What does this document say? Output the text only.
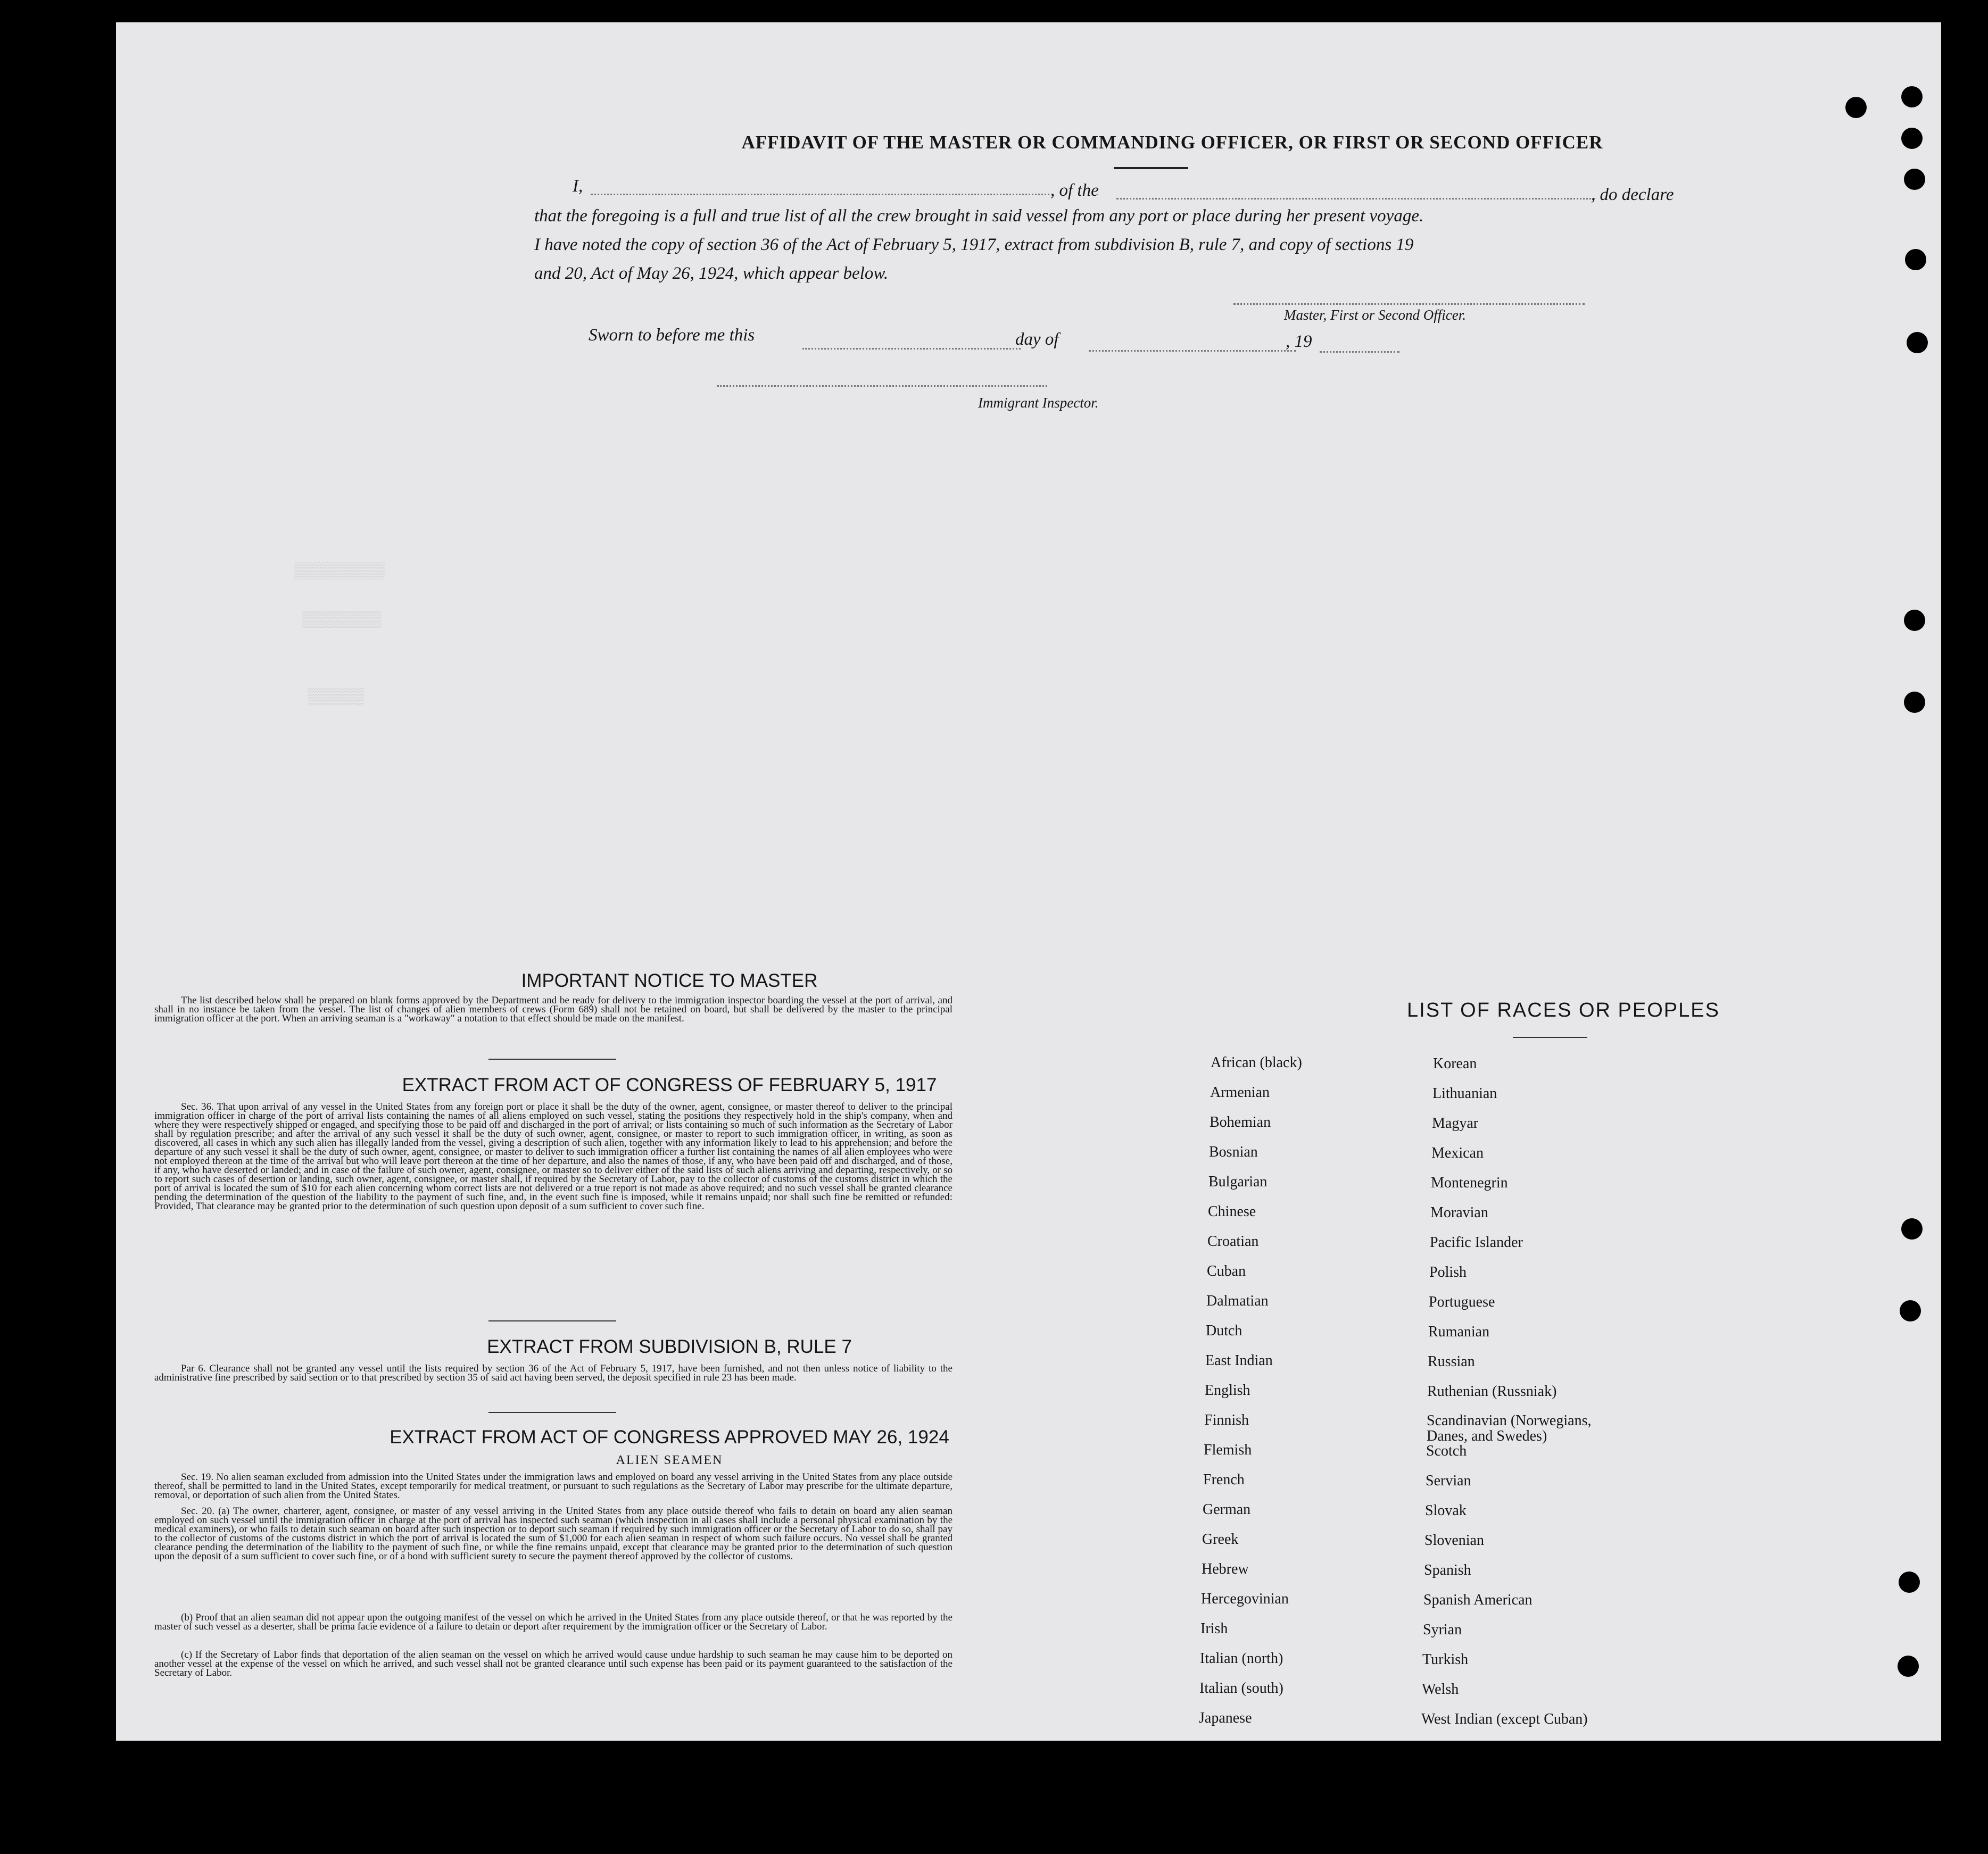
AFFIDAVIT OF THE MASTER OR COMMANDING OFFICER, OR FIRST OR SECOND OFFICER
I,	, of the	, do declare
that the foregoing is a full and true list of all the crew brought in said vessel from any port or place during her present voyage.
I have noted the copy of section 36 of the Act of February 5, 1917, extract from subdivision B, rule 7, and copy of sections 19
and 20, Act of May 26, 1924, which appear below.
Master, First or Second Officer.
Sworn to before me this	day of	, 19
Immigrant Inspector.
▒▒▒▒▒▒▒▒
▒▒▒▒▒▒▒
▒▒▒▒▒
IMPORTANT NOTICE TO MASTER
The list described below shall be prepared on blank forms approved by the Department and be ready for delivery to the immigration inspector boarding the vessel at the port of arrival, and shall in no instance be taken from the vessel. The list of changes of alien members of crews (Form 689) shall not be retained on board, but shall be delivered by the master to the principal immigration officer at the port. When an arriving seaman is a "workaway" a notation to that effect should be made on the manifest.
EXTRACT FROM ACT OF CONGRESS OF FEBRUARY 5, 1917
Sec. 36. That upon arrival of any vessel in the United States from any foreign port or place it shall be the duty of the owner, agent, consignee, or master thereof to deliver to the principal immigration officer in charge of the port of arrival lists containing the names of all aliens employed on such vessel, stating the positions they respectively hold in the ship's company, when and where they were respectively shipped or engaged, and specifying those to be paid off and discharged in the port of arrival; or lists containing so much of such information as the Secretary of Labor shall by regulation prescribe; and after the arrival of any such vessel it shall be the duty of such owner, agent, consignee, or master to report to such immigration officer, in writing, as soon as discovered, all cases in which any such alien has illegally landed from the vessel, giving a description of such alien, together with any information likely to lead to his apprehension; and before the departure of any such vessel it shall be the duty of such owner, agent, consignee, or master to deliver to such immigration officer a further list containing the names of all alien employees who were not employed thereon at the time of the arrival but who will leave port thereon at the time of her departure, and also the names of those, if any, who have been paid off and discharged, and of those, if any, who have deserted or landed; and in case of the failure of such owner, agent, consignee, or master so to deliver either of the said lists of such aliens arriving and departing, respectively, or so to report such cases of desertion or landing, such owner, agent, consignee, or master shall, if required by the Secretary of Labor, pay to the collector of customs of the customs district in which the port of arrival is located the sum of $10 for each alien concerning whom correct lists are not delivered or a true report is not made as above required; and no such vessel shall be granted clearance pending the determination of the question of the liability to the payment of such fine, and, in the event such fine is imposed, while it remains unpaid; nor shall such fine be remitted or refunded: Provided, That clearance may be granted prior to the determination of such question upon deposit of a sum sufficient to cover such fine.
EXTRACT FROM SUBDIVISION B, RULE 7
Par 6. Clearance shall not be granted any vessel until the lists required by section 36 of the Act of February 5, 1917, have been furnished, and not then unless notice of liability to the administrative fine prescribed by said section or to that prescribed by section 35 of said act having been served, the deposit specified in rule 23 has been made.
EXTRACT FROM ACT OF CONGRESS APPROVED MAY 26, 1924
ALIEN SEAMEN
Sec. 19. No alien seaman excluded from admission into the United States under the immigration laws and employed on board any vessel arriving in the United States from any place outside thereof, shall be permitted to land in the United States, except temporarily for medical treatment, or pursuant to such regulations as the Secretary of Labor may prescribe for the ultimate departure, removal, or deportation of such alien from the United States.
Sec. 20. (a) The owner, charterer, agent, consignee, or master of any vessel arriving in the United States from any place outside thereof who fails to detain on board any alien seaman employed on such vessel until the immigration officer in charge at the port of arrival has inspected such seaman (which inspection in all cases shall include a personal physical examination by the medical examiners), or who fails to detain such seaman on board after such inspection or to deport such seaman if required by such immigration officer or the Secretary of Labor to do so, shall pay to the collector of customs of the customs district in which the port of arrival is located the sum of $1,000 for each alien seaman in respect of whom such failure occurs. No vessel shall be granted clearance pending the determination of the liability to the payment of such fine, or while the fine remains unpaid, except that clearance may be granted prior to the determination of such question upon the deposit of a sum sufficient to cover such fine, or of a bond with sufficient surety to secure the payment thereof approved by the collector of customs.
(b) Proof that an alien seaman did not appear upon the outgoing manifest of the vessel on which he arrived in the United States from any place outside thereof, or that he was reported by the master of such vessel as a deserter, shall be prima facie evidence of a failure to detain or deport after requirement by the immigration officer or the Secretary of Labor.
(c) If the Secretary of Labor finds that deportation of the alien seaman on the vessel on which he arrived would cause undue hardship to such seaman he may cause him to be deported on another vessel at the expense of the vessel on which he arrived, and such vessel shall not be granted clearance until such expense has been paid or its payment guaranteed to the satisfaction of the Secretary of Labor.
LIST OF RACES OR PEOPLES
African (black)
Armenian
Bohemian
Bosnian
Bulgarian
Chinese
Croatian
Cuban
Dalmatian
Dutch
East Indian
English
Finnish
Flemish
French
German
Greek
Hebrew
Hercegovinian
Irish
Italian (north)
Italian (south)
Japanese
Korean
Lithuanian
Magyar
Mexican
Montenegrin
Moravian
Pacific Islander
Polish
Portuguese
Rumanian
Russian
Ruthenian (Russniak)
Scandinavian (Norwegians, Danes, and Swedes)
Scotch
Servian
Slovak
Slovenian
Spanish
Spanish American
Syrian
Turkish
Welsh
West Indian (except Cuban)
